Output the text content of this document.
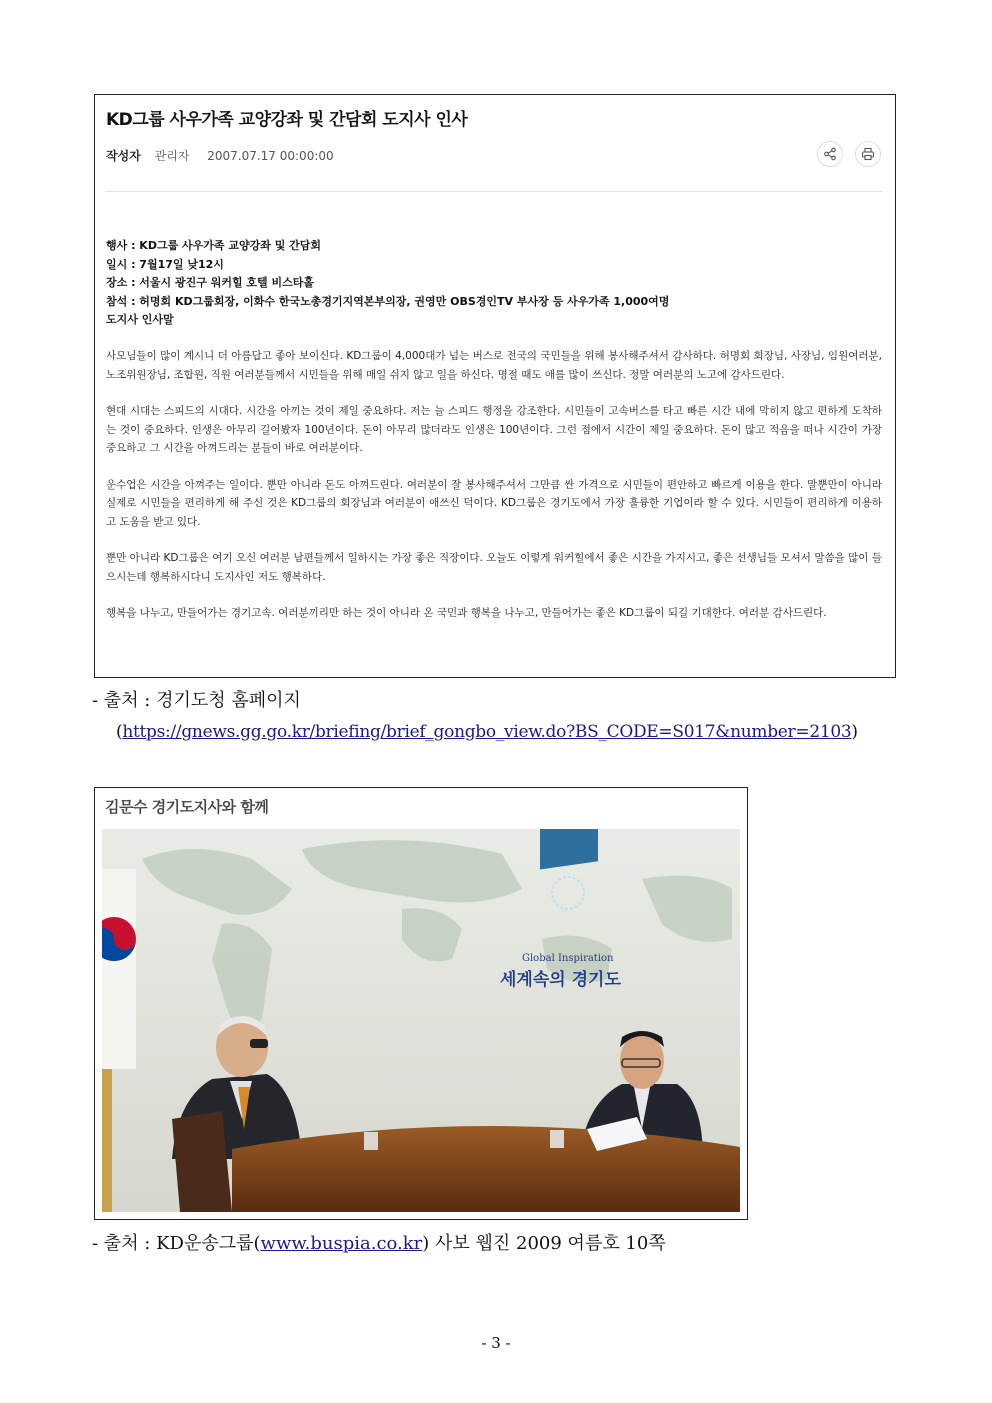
KD그룹 사우가족 교양강좌 및 간담회 도지사 인사
작성자 관리자 2007.07.17 00:00:00
행사 : KD그룹 사우가족 교양강좌 및 간담회
일시 : 7월17일 낮12시
장소 : 서울시 광진구 워커힐 호텔 비스타홀
참석 : 허명회 KD그룹회장, 이화수 한국노총경기지역본부의장, 권영만 OBS경인TV 부사장 등 사우가족 1,000여명
도지사 인사말

사모님들이 많이 계시니 더 아름답고 좋아 보이신다. KD그룹이 4,000대가 넘는 버스로 전국의 국민들을 위해 봉사해주셔서 감사하다. 허명회 회장님, 사장님, 임원여러분, 노조위원장님, 조합원, 직원 여러분들께서 시민들을 위해 매일 쉬지 않고 일을 하신다. 명절 때도 애를 많이 쓰신다. 정말 여러분의 노고에 감사드린다.

현대 시대는 스피드의 시대다. 시간을 아끼는 것이 제일 중요하다. 저는 늘 스피드 행정을 강조한다. 시민들이 고속버스를 타고 빠른 시간 내에 막히지 않고 편하게 도착하는 것이 중요하다. 인생은 아무리 길어봤자 100년이다. 돈이 아무리 많더라도 인생은 100년이다. 그런 점에서 시간이 제일 중요하다. 돈이 많고 적음을 떠나 시간이 가장 중요하고 그 시간을 아껴드리는 분들이 바로 여러분이다.

운수업은 시간을 아껴주는 일이다. 뿐만 아니라 돈도 아껴드린다. 여러분이 잘 봉사해주셔서 그만큼 싼 가격으로 시민들이 편안하고 빠르게 이용을 한다. 말뿐만이 아니라 실제로 시민들을 편리하게 해 주신 것은 KD그룹의 회장님과 여러분이 애쓰신 덕이다. KD그룹은 경기도에서 가장 훌륭한 기업이라 할 수 있다. 시민들이 편리하게 이용하고 도움을 받고 있다.

뿐만 아니라 KD그룹은 여기 오신 여러분 남편들께서 일하시는 가장 좋은 직장이다. 오늘도 이렇게 워커힐에서 좋은 시간을 가지시고, 좋은 선생님들 모셔서 말씀을 많이 들으시는데 행복하시다니 도지사인 저도 행복하다.

행복을 나누고, 만들어가는 경기고속. 여러분끼리만 하는 것이 아니라 온 국민과 행복을 나누고, 만들어가는 좋은 KD그룹이 되길 기대한다. 여러분 감사드린다.

- 출처 : 경기도청 홈페이지
(https://gnews.gg.go.kr/briefing/brief_gongbo_view.do?BS_CODE=S017&number=2103)
김문수 경기도지사와 함께
Global Inspiration
세계속의 경기도
- 출처 : KD운송그룹(www.buspia.co.kr) 사보 웹진 2009 여름호 10쪽
- 3 -
